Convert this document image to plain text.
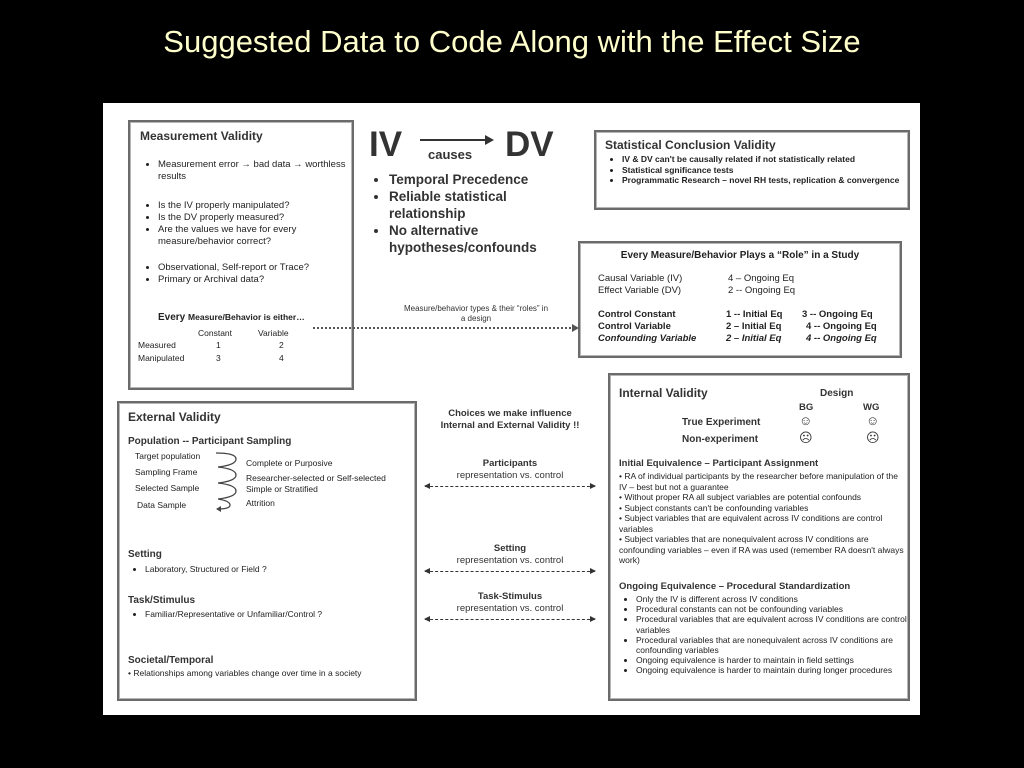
Suggested Data to Code Along with the Effect Size
Measurement Validity
• Measurement error → bad data → worthless results
• Is the IV properly manipulated?
• Is the DV properly measured?
• Are the values we have for every measure/behavior correct?
• Observational, Self-report or Trace?
• Primary or Archival data?
Every Measure/Behavior is either…
Constant	Variable
Measured	1	2
Manipulated	3	4
IV causes DV
• Temporal Precedence
• Reliable statistical relationship
• No alternative hypotheses/confounds
Statistical Conclusion Validity
• IV & DV can't be causally related if not statistically related
• Statistical sgnificance tests
• Programmatic Research – novel RH tests, replication & convergence
Every Measure/Behavior Plays a “Role” in a Study
Causal Variable (IV)	4 – Ongoing Eq
Effect Variable (DV)	2 -- Ongoing Eq
Control Constant	1 -- Initial Eq 3 -- Ongoing Eq
Control Variable	2 – Initial Eq	4 -- Ongoing Eq
Confounding Variable	2 – Initial Eq	4 -- Ongoing Eq
Measure/behavior types & their “roles” in a design
External Validity
Population -- Participant Sampling
Target population
Sampling Frame
Selected Sample
Data Sample
Complete or Purposive
Researcher-selected or Self-selected
Simple or Stratified
Attrition
Setting
• Laboratory, Structured or Field ?
Task/Stimulus
• Familiar/Representative or Unfamiliar/Control ?
Societal/Temporal
• Relationships among variables change over time in a society
Choices we make influence Internal and External Validity !!
Participants
representation vs. control
Setting
representation vs. control
Task-Stimulus
representation vs. control
Internal Validity	Design
BG	WG
True Experiment	☺	☺
Non-experiment	☹	☹
Initial Equivalence – Participant Assignment
• RA of individual participants by the researcher before manipulation of the IV – best but not a guarantee
• Without proper RA all subject variables are potential confounds
• Subject constants can't be confounding variables
• Subject variables that are equivalent across IV conditions are control variables
• Subject variables that are nonequivalent across IV conditions are confounding variables – even if RA was used (remember RA doesn't always work)
Ongoing Equivalence – Procedural Standardization
• Only the IV is different across IV conditions
• Procedural constants can not be confounding variables
• Procedural variables that are equivalent across IV conditions are control variables
• Procedural variables that are nonequivalent across IV conditions are confounding variables
• Ongoing equivalence is harder to maintain in field settings
• Ongoing equivalence is harder to maintain during longer procedures
